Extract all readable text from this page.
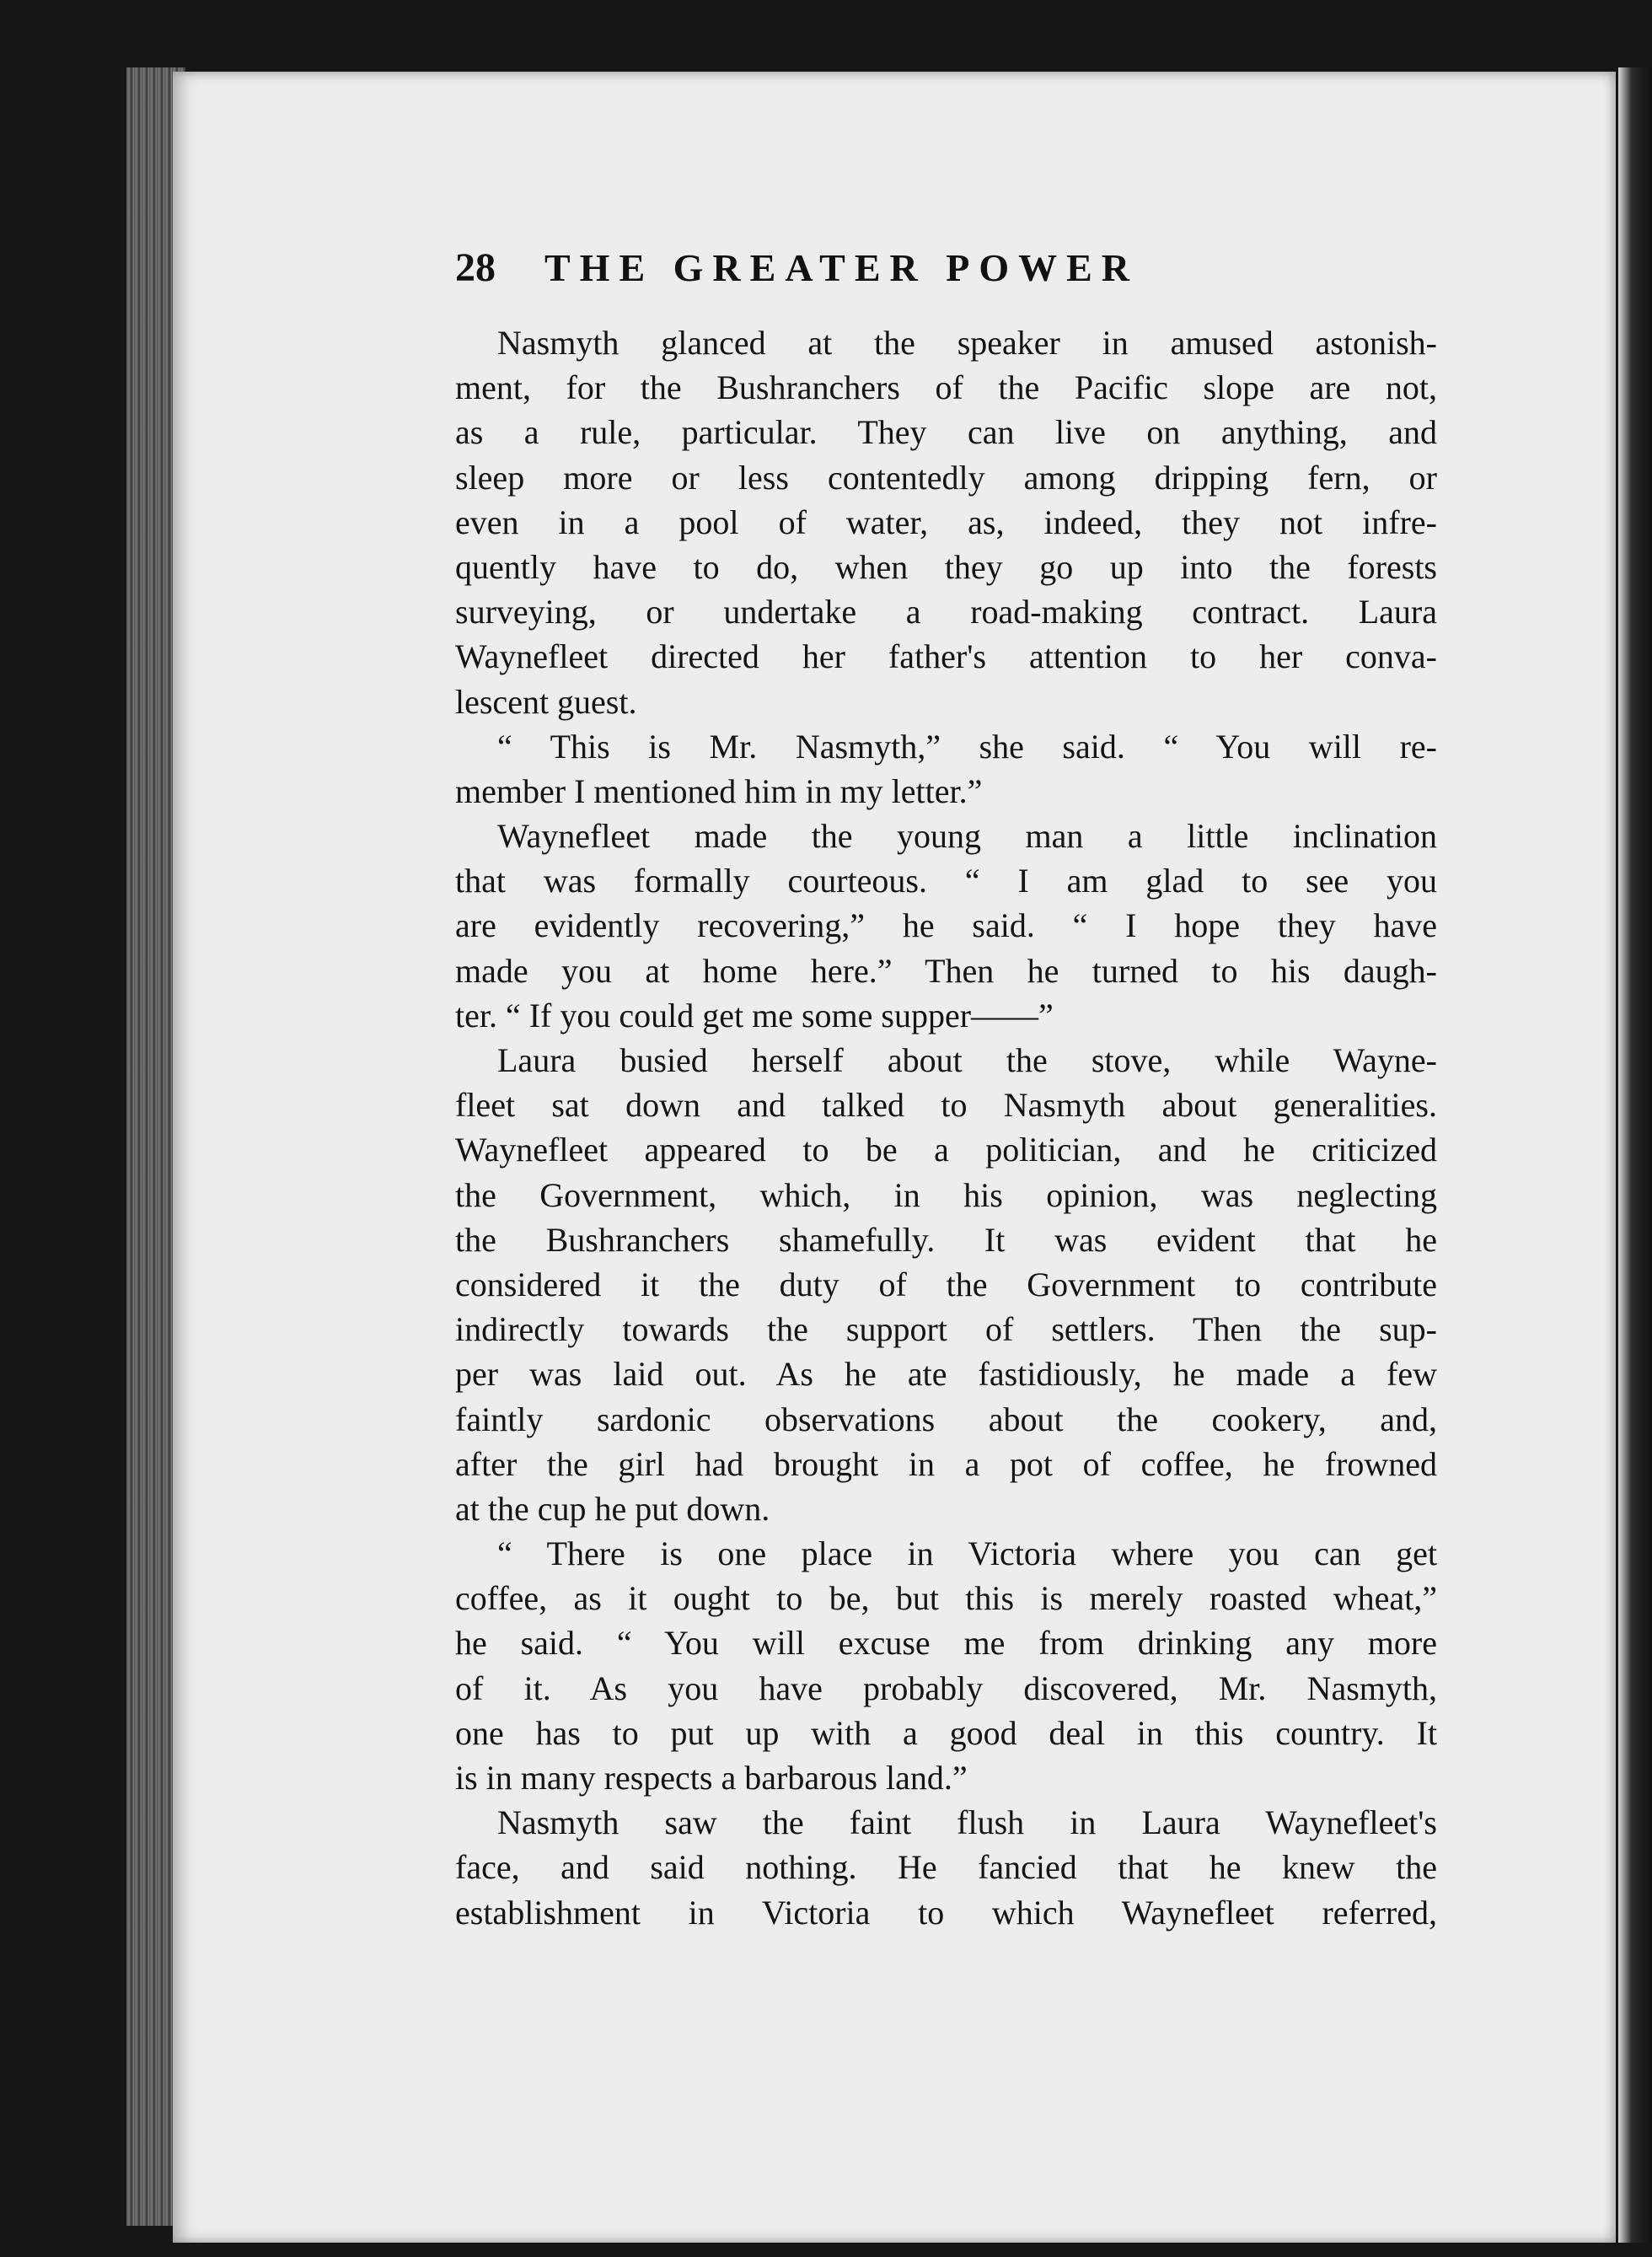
28 THE GREATER POWER
Nasmyth glanced at the speaker in amused astonish-
ment, for the Bushranchers of the Pacific slope are not,
as a rule, particular. They can live on anything, and
sleep more or less contentedly among dripping fern, or
even in a pool of water, as, indeed, they not infre-
quently have to do, when they go up into the forests
surveying, or undertake a road-making contract. Laura
Waynefleet directed her father's attention to her conva-
lescent guest.
“ This is Mr. Nasmyth,” she said. “ You will re-
member I mentioned him in my letter.”
Waynefleet made the young man a little inclination
that was formally courteous. “ I am glad to see you
are evidently recovering,” he said. “ I hope they have
made you at home here.” Then he turned to his daugh-
ter. “ If you could get me some supper——”
Laura busied herself about the stove, while Wayne-
fleet sat down and talked to Nasmyth about generalities.
Waynefleet appeared to be a politician, and he criticized
the Government, which, in his opinion, was neglecting
the Bushranchers shamefully. It was evident that he
considered it the duty of the Government to contribute
indirectly towards the support of settlers. Then the sup-
per was laid out. As he ate fastidiously, he made a few
faintly sardonic observations about the cookery, and,
after the girl had brought in a pot of coffee, he frowned
at the cup he put down.
“ There is one place in Victoria where you can get
coffee, as it ought to be, but this is merely roasted wheat,”
he said. “ You will excuse me from drinking any more
of it. As you have probably discovered, Mr. Nasmyth,
one has to put up with a good deal in this country. It
is in many respects a barbarous land.”
Nasmyth saw the faint flush in Laura Waynefleet's
face, and said nothing. He fancied that he knew the
establishment in Victoria to which Waynefleet referred,
